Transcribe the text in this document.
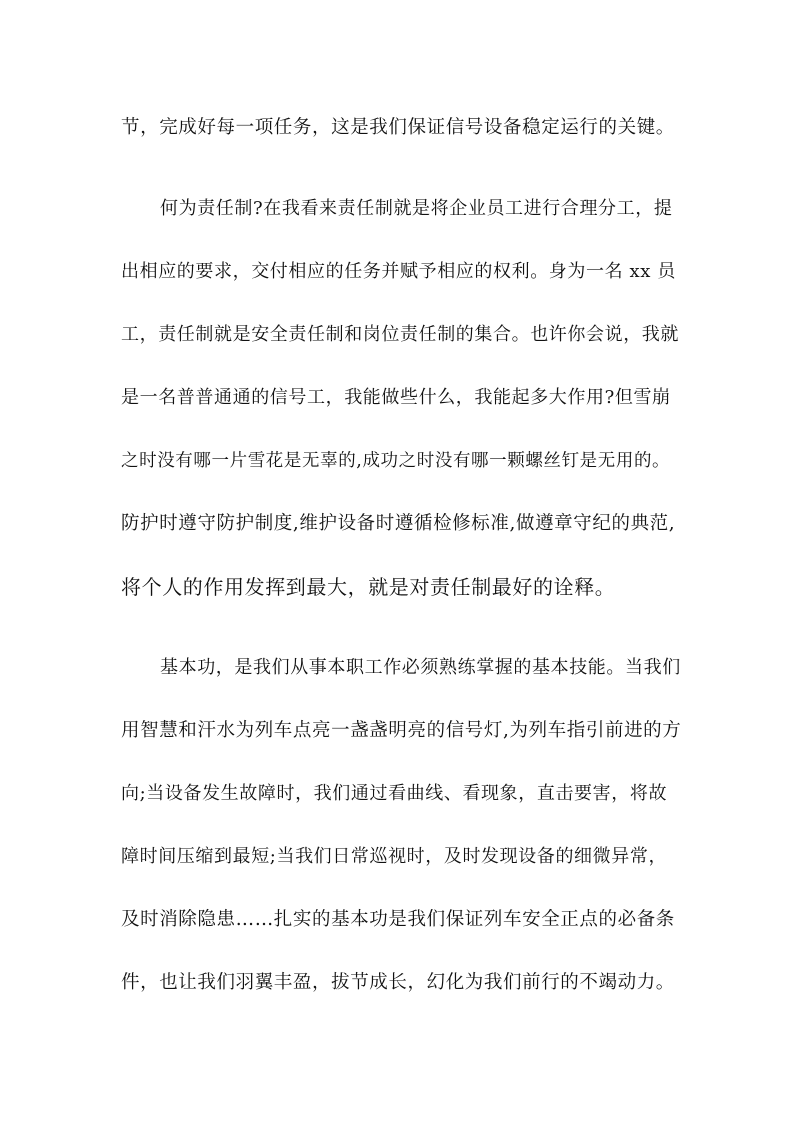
节，完成好每一项任务，这是我们保证信号设备稳定运行的关键。
何为责任制?在我看来责任制就是将企业员工进行合理分工，提
出相应的要求，交付相应的任务并赋予相应的权利。身为一名 xx 员
工，责任制就是安全责任制和岗位责任制的集合。也许你会说，我就
是一名普普通通的信号工，我能做些什么，我能起多大作用?但雪崩
之时没有哪一片雪花是无辜的,成功之时没有哪一颗螺丝钉是无用的。
防护时遵守防护制度,维护设备时遵循检修标准,做遵章守纪的典范,
将个人的作用发挥到最大，就是对责任制最好的诠释。
基本功，是我们从事本职工作必须熟练掌握的基本技能。当我们
用智慧和汗水为列车点亮一盏盏明亮的信号灯,为列车指引前进的方
向;当设备发生故障时，我们通过看曲线、看现象，直击要害，将故
障时间压缩到最短;当我们日常巡视时，及时发现设备的细微异常，
及时消除隐患……扎实的基本功是我们保证列车安全正点的必备条
件，也让我们羽翼丰盈，拔节成长，幻化为我们前行的不竭动力。
